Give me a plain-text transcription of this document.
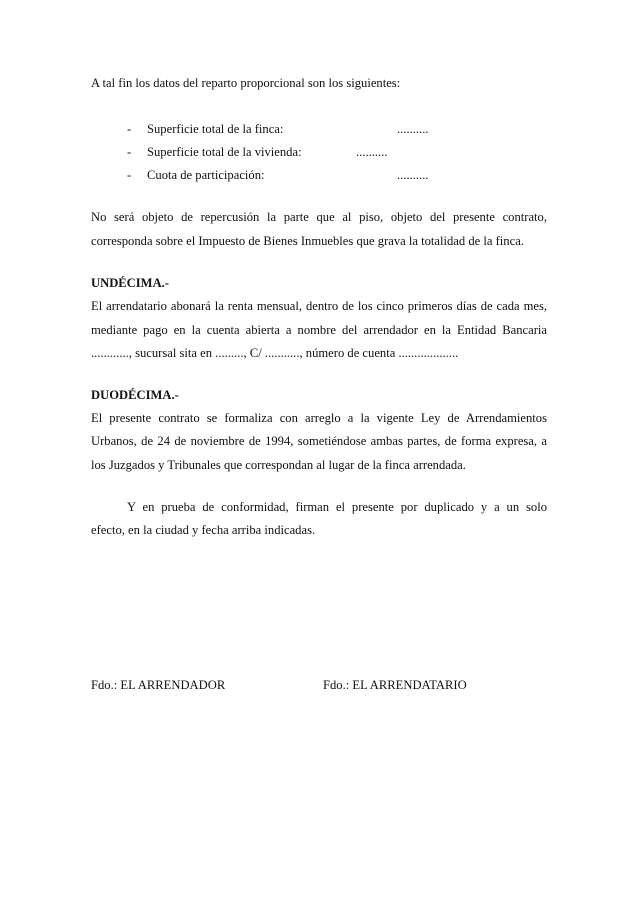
A tal fin los datos del reparto proporcional son los siguientes:
- Superficie total de la finca:	..........
- Superficie total de la vivienda:	..........
- Cuota de participación:	..........
No será objeto de repercusión la parte que al piso, objeto del presente contrato,
corresponda sobre el Impuesto de Bienes Inmuebles que grava la totalidad de la finca.
UNDÉCIMA.-
El arrendatario abonará la renta mensual, dentro de los cinco primeros días de cada mes,
mediante pago en la cuenta abierta a nombre del arrendador en la Entidad Bancaria
............, sucursal sita en ........., C/ ..........., número de cuenta ...................
DUODÉCIMA.-
El presente contrato se formaliza con arreglo a la vigente Ley de Arrendamientos
Urbanos, de 24 de noviembre de 1994, sometiéndose ambas partes, de forma expresa, a
los Juzgados y Tribunales que correspondan al lugar de la finca arrendada.
Y en prueba de conformidad, firman el presente por duplicado y a un solo
efecto, en la ciudad y fecha arriba indicadas.
Fdo.: EL ARRENDADOR	Fdo.: EL ARRENDATARIO
